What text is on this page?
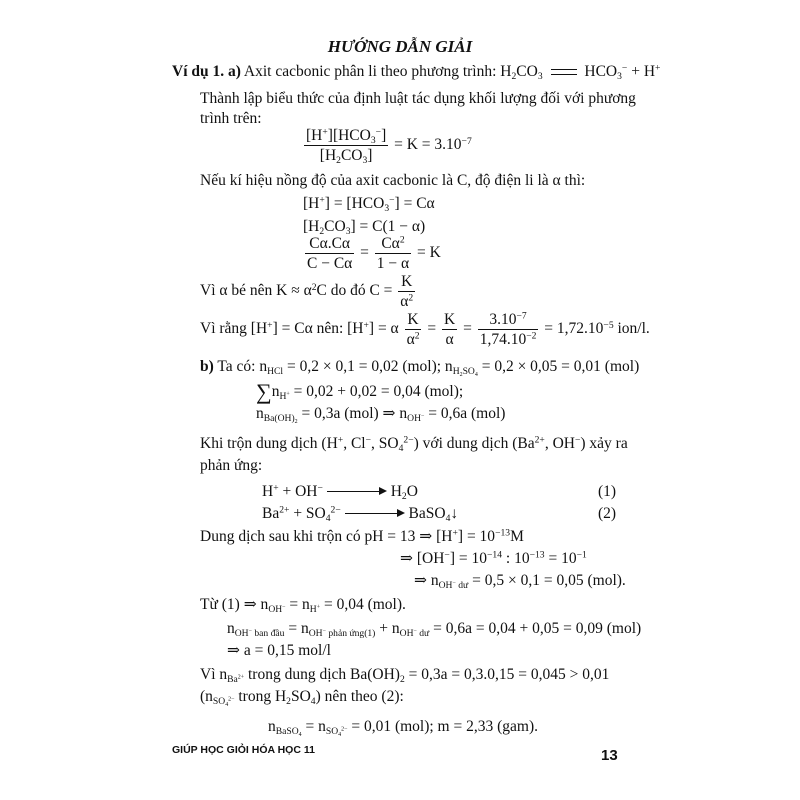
HƯỚNG DẪN GIẢI
Ví dụ 1. a) Axit cacbonic phân li theo phương trình: $H_2CO_3$  $HCO_3^- + H^+$
Thành lập biểu thức của định luật tác dụng khối lượng đối với phương
trình trên:
$\frac{[H^+][HCO_3^-]}{[H_2CO_3]} = K = 3.10^{-7}$
Nếu kí hiệu nồng độ của axit cacbonic là C, độ điện li là α thì:
$[H^+] = [HCO_3^-] = C\alpha$
$[H_2CO_3] = C(1 - \alpha)$
$\frac{C\alpha.C\alpha}{C - C\alpha} = \frac{C\alpha^2}{1 - \alpha} = K$
Vì α bé nên $K \approx \alpha^2C$ do đó $C = \frac{K}{\alpha^2}$
Vì rằng [H+] = Cα nên: [H+] = α $\frac{K}{\alpha^2} = \frac{K}{\alpha} = \frac{3.10^{-7}}{1,74.10^{-2}} = 1,72.10^{-5}$ ion/l.
b) Ta có: $n_{HCl} = 0,2 \times 0,1 = 0,02$ (mol); $n_{H_2SO_4} = 0,2 \times 0,05 = 0,01$ (mol)
$\sum n_{H^+} = 0,02 + 0,02 = 0,04$ (mol);
$n_{Ba(OH)_2} = 0,3a$ (mol) ⇒ $n_{OH^-} = 0,6a$ (mol)
Khi trộn dung dịch (H+, Cl−, $SO_4^{2-}$) với dung dịch ($Ba^{2+}$, OH−) xảy ra
phản ứng:
H+ + OH−	$H_2O$	(1)
$Ba^{2+} + SO_4^{2-}$	BaSO$_4$↓	(2)
Dung dịch sau khi trộn có pH = 13 ⇒ $[H^+] = 10^{-13}M$
⇒ $[OH^-] = 10^{-14}$ : $10^{-13} = 10^{-1}$
⇒ $n_{OH^- dư} = 0,5 \times 0,1 = 0,05$ (mol).
Từ (1) ⇒ $n_{OH^-} = n_{H^+} = 0,04$ (mol).
$n_{OH^- ban đầu} = n_{OH^- phản ứng(1)} + n_{OH^- dư} = 0,6a = 0,04 + 0,05 = 0,09$ (mol)
⇒ a = 0,15 mol/l
Vì $n_{Ba^{2+}}$ trong dung dịch $Ba(OH)_2 = 0,3a = 0,3.0,15 = 0,045 > 0,01$
($n_{SO_4^{2-}}$ trong $H_2SO_4$) nên theo (2):
$n_{BaSO_4} = n_{SO_4^{2-}} = 0,01$ (mol); m = 2,33 (gam).
GIÚP HỌC GIỎI HÓA HỌC 11	13
